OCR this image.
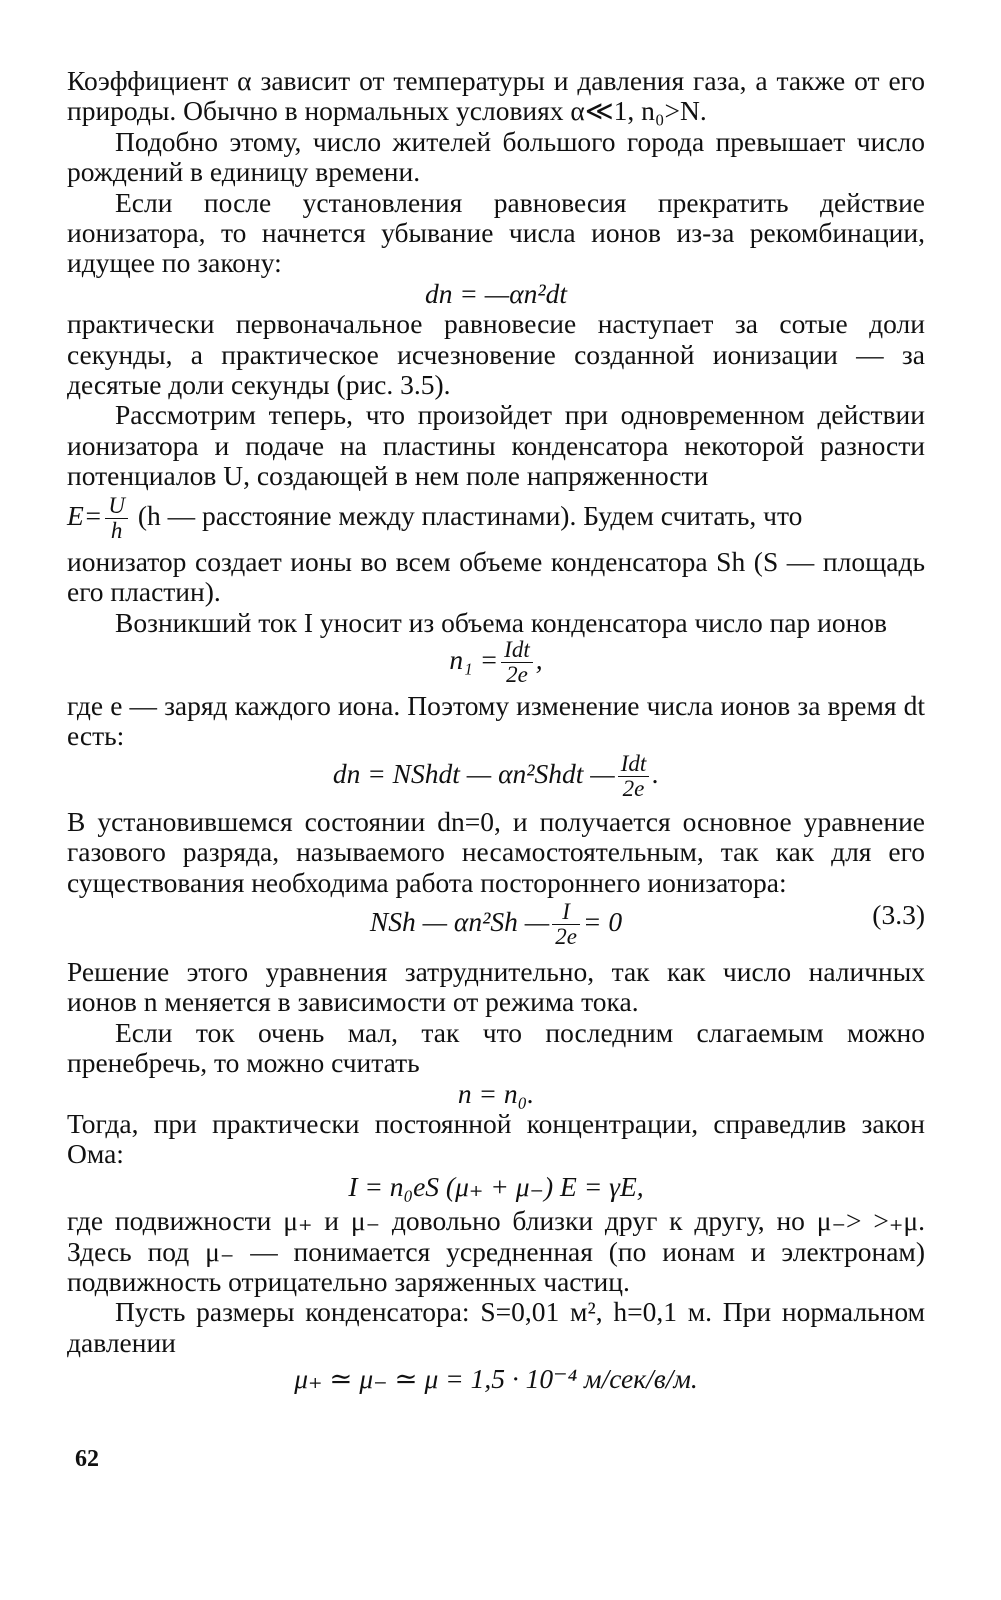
Коэффициент α зависит от температуры и давления газа, а также от его природы. Обычно в нормальных условиях α≪1, n₀>N.

Подобно этому, число жителей большого города превышает число рождений в единицу времени.

Если после установления равновесия прекратить действие ионизатора, то начнется убывание числа ионов из-за рекомбинации, идущее по закону:

dn = —αn²dt

практически первоначальное равновесие наступает за сотые доли секунды, а практическое исчезновение созданной ионизации — за десятые доли секунды (рис. 3.5).

Рассмотрим теперь, что произойдет при одновременном действии ионизатора и подаче на пластины конденсатора некоторой разности потенциалов U, создающей в нем поле напряженности

$E= \frac{U}{h} (h$ — расстояние между пластинами). Будем считать, что

ионизатор создает ионы во всем объеме конденсатора Sh (S — площадь его пластин).

Возникший ток I уносит из объема конденсатора число пар ионов

$n_1 = \frac{\text{Idt}}{2e}$ ,

где e — заряд каждого иона. Поэтому изменение числа ионов за время dt есть:

dn = NShdt — αn²Shdt — $\frac{\text{Idt}}{2e}$ .

В установившемся состоянии dn=0, и получается основное уравнение газового разряда, называемого несамостоятельным, так как для его существования необходима работа постороннего ионизатора:

NSh — αn²Sh — $\frac{I}{2e} = 0$	(3.3)

Решение этого уравнения затруднительно, так как число наличных ионов n меняется в зависимости от режима тока.

Если ток очень мал, так что последним слагаемым можно пренебречь, то можно считать

n = n₀.

Тогда, при практически постоянной концентрации, справедлив закон Ома:

I = n₀eS (μ₊ + μ₋) E = γE,

где подвижности μ₊ и μ₋ довольно близки друг к другу, но μ₋> >₊μ. Здесь под μ₋ — понимается усредненная (по ионам и электронам) подвижность отрицательно заряженных частиц.

Пусть размеры конденсатора: S=0,01 м², h=0,1 м. При нормальном давлении

μ₊ ≃ μ₋ ≃ μ = 1,5 · 10⁻⁴ м/сек/в/м.
62
